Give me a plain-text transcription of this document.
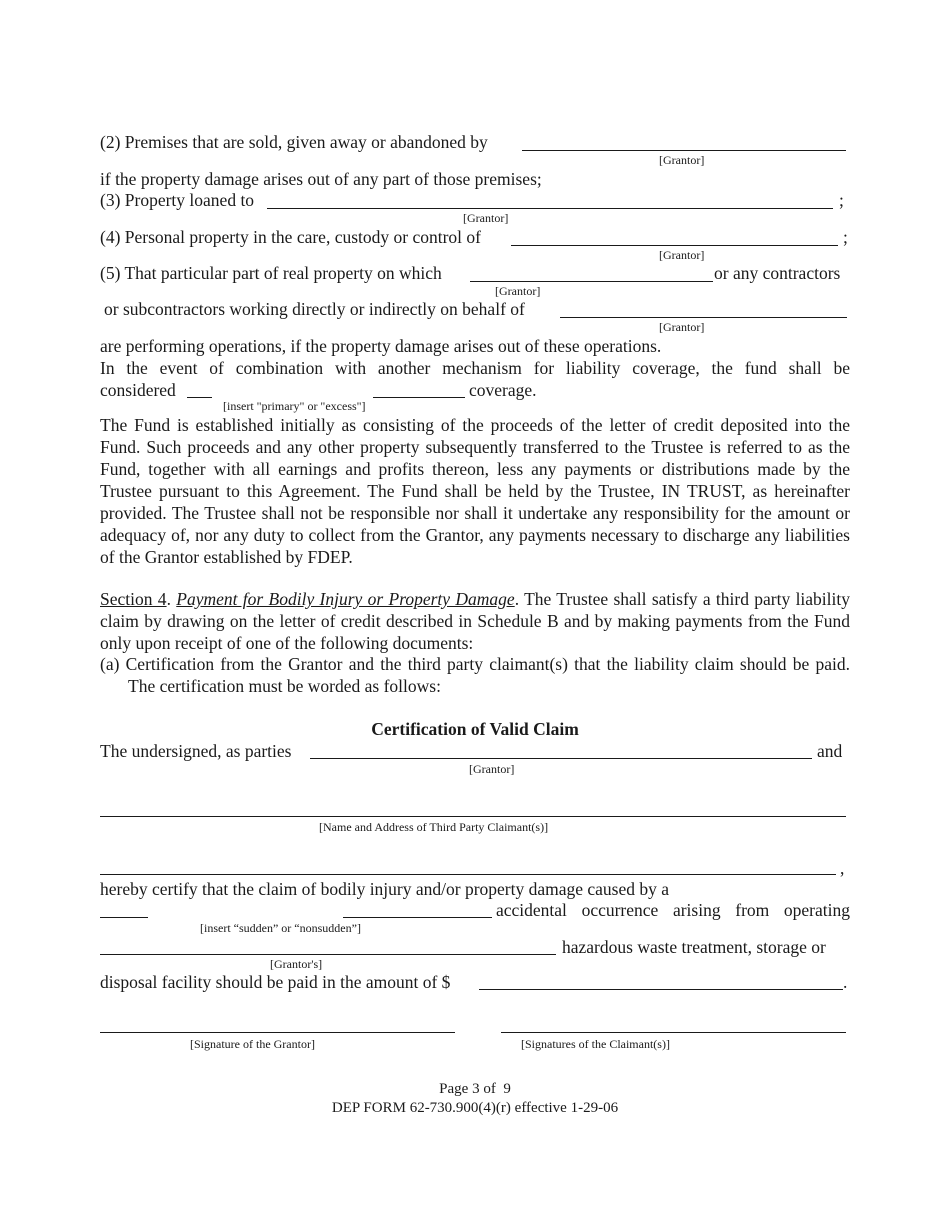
(2) Premises that are sold, given away or abandoned by
[Grantor]
if the property damage arises out of any part of those premises;
(3) Property loaned to	;
[Grantor]
(4) Personal property in the care, custody or control of	;
[Grantor]
(5) That particular part of real property on which	or any contractors
[Grantor]
or subcontractors working directly or indirectly on behalf of
[Grantor]
are performing operations, if the property damage arises out of these operations.
In the event of combination with another mechanism for liability coverage, the fund shall be
considered	coverage.
[insert "primary" or "excess"]
The Fund is established initially as consisting of the proceeds of the letter of credit deposited into the Fund. Such proceeds and any other property subsequently transferred to the Trustee is referred to as the Fund, together with all earnings and profits thereon, less any payments or distributions made by the Trustee pursuant to this Agreement. The Fund shall be held by the Trustee, IN TRUST, as hereinafter provided. The Trustee shall not be responsible nor shall it undertake any responsibility for the amount or adequacy of, nor any duty to collect from the Grantor, any payments necessary to discharge any liabilities of the Grantor established by FDEP.
Section 4. Payment for Bodily Injury or Property Damage. The Trustee shall satisfy a third party liability claim by drawing on the letter of credit described in Schedule B and by making payments from the Fund only upon receipt of one of the following documents:
(a) Certification from the Grantor and the third party claimant(s) that the liability claim should be paid. The certification must be worded as follows:
Certification of Valid Claim
The undersigned, as parties	and
[Grantor]
[Name and Address of Third Party Claimant(s)]
,
hereby certify that the claim of bodily injury and/or property damage caused by a
accidental occurrence arising from operating
[insert “sudden” or “nonsudden”]
hazardous waste treatment, storage or
[Grantor's]
disposal facility should be paid in the amount of $	.
[Signature of the Grantor]	[Signatures of the Claimant(s)]
Page 3 of  9
DEP FORM 62-730.900(4)(r) effective 1-29-06
